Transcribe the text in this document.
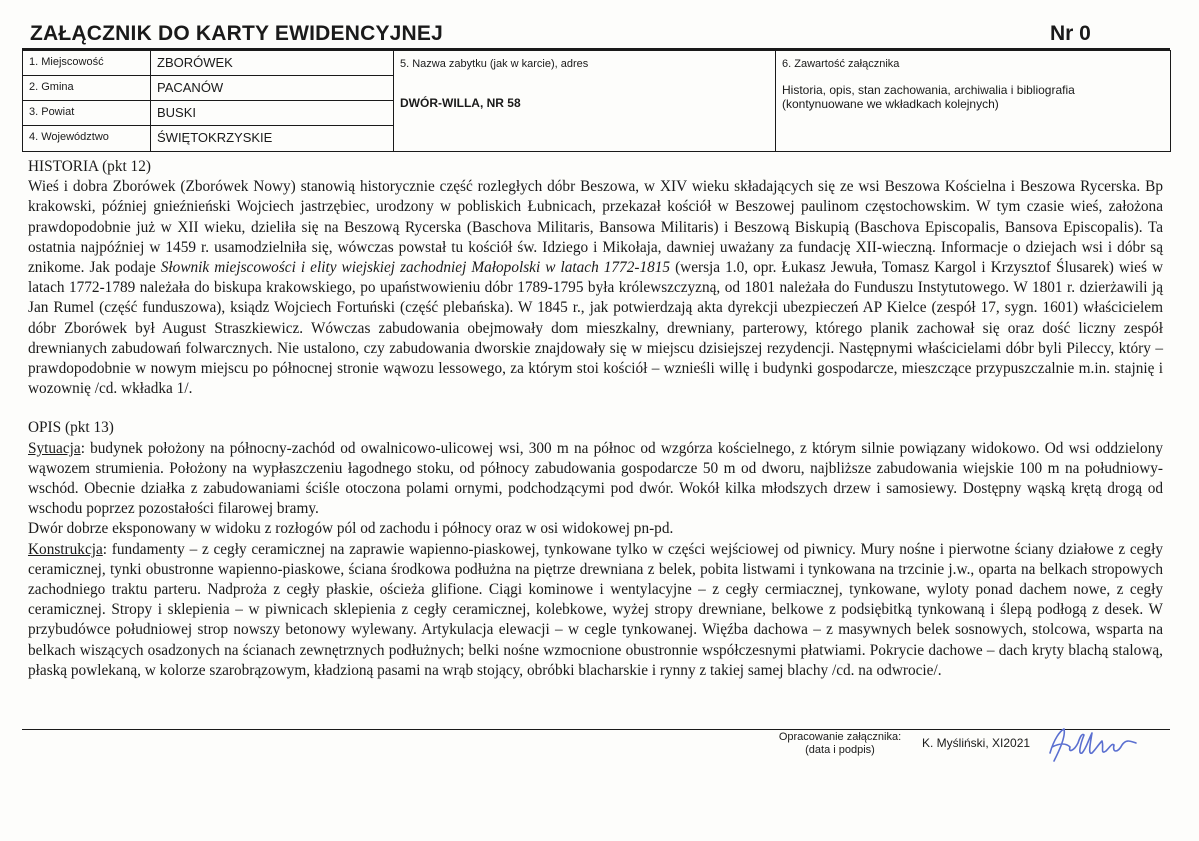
ZAŁĄCZNIK DO KARTY EWIDENCYJNEJ	Nr 0
1. Miejscowość	ZBORÓWEK	5. Nazwa zabytku (jak w karcie), adres
DWÓR-WILLA, NR 58	6. Zawartość załącznika
Historia, opis, stan zachowania, archiwalia i bibliografia
(kontynuowane we wkładkach kolejnych)

2. Gmina	PACANÓW		
3. Powiat	BUSKI		
4. Województwo	ŚWIĘTOKRZYSKIE		

HISTORIA (pkt 12)

Wieś i dobra Zborówek (Zborówek Nowy) stanowią historycznie część rozległych dóbr Beszowa, w XIV wieku składających się ze wsi Beszowa Kościelna i Beszowa Rycerska. Bp krakowski, później gnieźnieński Wojciech jastrzębiec, urodzony w pobliskich Łubnicach, przekazał kościół w Beszowej paulinom częstochowskim. W tym czasie wieś, założona prawdopodobnie już w XII wieku, dzieliła się na Beszową Rycerska (Baschova Militaris, Bansowa Militaris) i Beszową Biskupią (Baschova Episcopalis, Bansova Episcopalis). Ta ostatnia najpóźniej w 1459 r. usamodzielniła się, wówczas powstał tu kościół św. Idziego i Mikołaja, dawniej uważany za fundację XII-wieczną. Informacje o dziejach wsi i dóbr są znikome. Jak podaje Słownik miejscowości i elity wiejskiej zachodniej Małopolski w latach 1772-1815 (wersja 1.0, opr. Łukasz Jewuła, Tomasz Kargol i Krzysztof Ślusarek) wieś w latach 1772-1789 należała do biskupa krakowskiego, po upaństwowieniu dóbr 1789-1795 była królewszczyzną, od 1801 należała do Funduszu Instytutowego. W 1801 r. dzierżawili ją Jan Rumel (część funduszowa), ksiądz Wojciech Fortuński (część plebańska). W 1845 r., jak potwierdzają akta dyrekcji ubezpieczeń AP Kielce (zespół 17, sygn. 1601) właścicielem dóbr Zborówek był August Straszkiewicz. Wówczas zabudowania obejmowały dom mieszkalny, drewniany, parterowy, którego planik zachował się oraz dość liczny zespół drewnianych zabudowań folwarcznych. Nie ustalono, czy zabudowania dworskie znajdowały się w miejscu dzisiejszej rezydencji. Następnymi właścicielami dóbr byli Pileccy, który – prawdopodobnie w nowym miejscu po północnej stronie wąwozu lessowego, za którym stoi kościół – wznieśli willę i budynki gospodarcze, mieszczące przypuszczalnie m.in. stajnię i wozownię /cd. wkładka 1/.

OPIS (pkt 13)

Sytuacja: budynek położony na północny-zachód od owalnicowo-ulicowej wsi, 300 m na północ od wzgórza kościelnego, z którym silnie powiązany widokowo. Od wsi oddzielony wąwozem strumienia. Położony na wypłaszczeniu łagodnego stoku, od północy zabudowania gospodarcze 50 m od dworu, najbliższe zabudowania wiejskie 100 m na południowy-wschód. Obecnie działka z zabudowaniami ściśle otoczona polami ornymi, podchodzącymi pod dwór. Wokół kilka młodszych drzew i samosiewy. Dostępny wąską krętą drogą od wschodu poprzez pozostałości filarowej bramy.

Dwór dobrze eksponowany w widoku z rozłogów pól od zachodu i północy oraz w osi widokowej pn-pd.

Konstrukcja: fundamenty – z cegły ceramicznej na zaprawie wapienno-piaskowej, tynkowane tylko w części wejściowej od piwnicy. Mury nośne i pierwotne ściany działowe z cegły ceramicznej, tynki obustronne wapienno-piaskowe, ściana środkowa podłużna na piętrze drewniana z belek, pobita listwami i tynkowana na trzcinie j.w., oparta na belkach stropowych zachodniego traktu parteru. Nadproża z cegły płaskie, ościeża glifione. Ciągi kominowe i wentylacyjne – z cegły cermiacznej, tynkowane, wyloty ponad dachem nowe, z cegły ceramicznej. Stropy i sklepienia – w piwnicach sklepienia z cegły ceramicznej, kolebkowe, wyżej stropy drewniane, belkowe z podsiębitką tynkowaną i ślepą podłogą z desek. W przybudówce południowej strop nowszy betonowy wylewany. Artykulacja elewacji – w cegle tynkowanej. Więźba dachowa – z masywnych belek sosnowych, stolcowa, wsparta na belkach wiszących osadzonych na ścianach zewnętrznych podłużnych; belki nośne wzmocnione obustronnie współczesnymi płatwiami. Pokrycie dachowe – dach kryty blachą stalową, płaską powlekaną, w kolorze szarobrązowym, kładzioną pasami na wrąb stojący, obróbki blacharskie i rynny z takiej samej blachy /cd. na odwrocie/.

Opracowanie załącznika:
(data i podpis)	K. Myśliński, XI2021
